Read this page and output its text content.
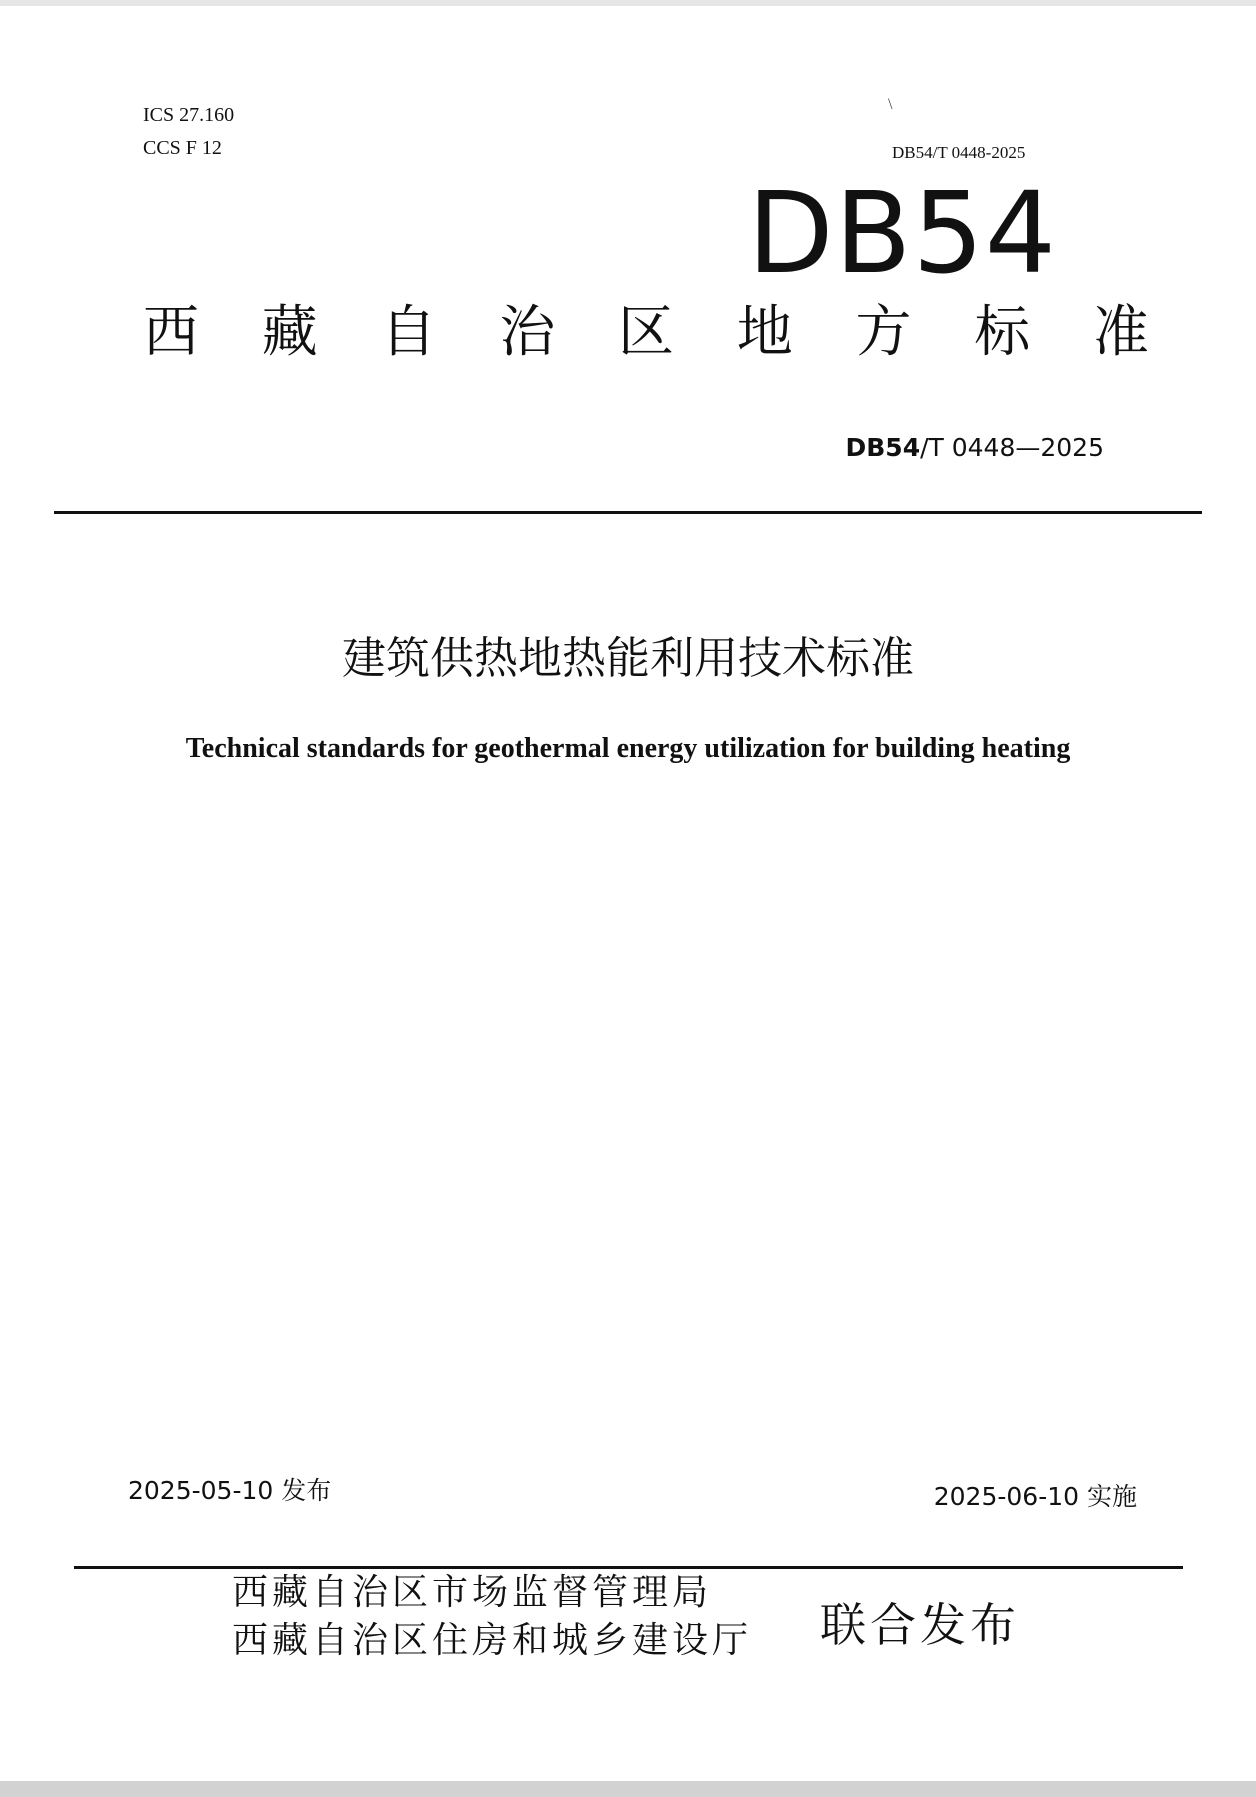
ICS 27.160
CCS F 12
\
DB54/T 0448-2025
DB54
西 藏 自 治 区 地 方 标 准
DB54/T 0448—2025
建筑供热地热能利用技术标准
Technical standards for geothermal energy utilization for building heating
2025-05-10 发布	2025-06-10 实施
西藏自治区市场监督管理局
西藏自治区住房和城乡建设厅 联合发布
